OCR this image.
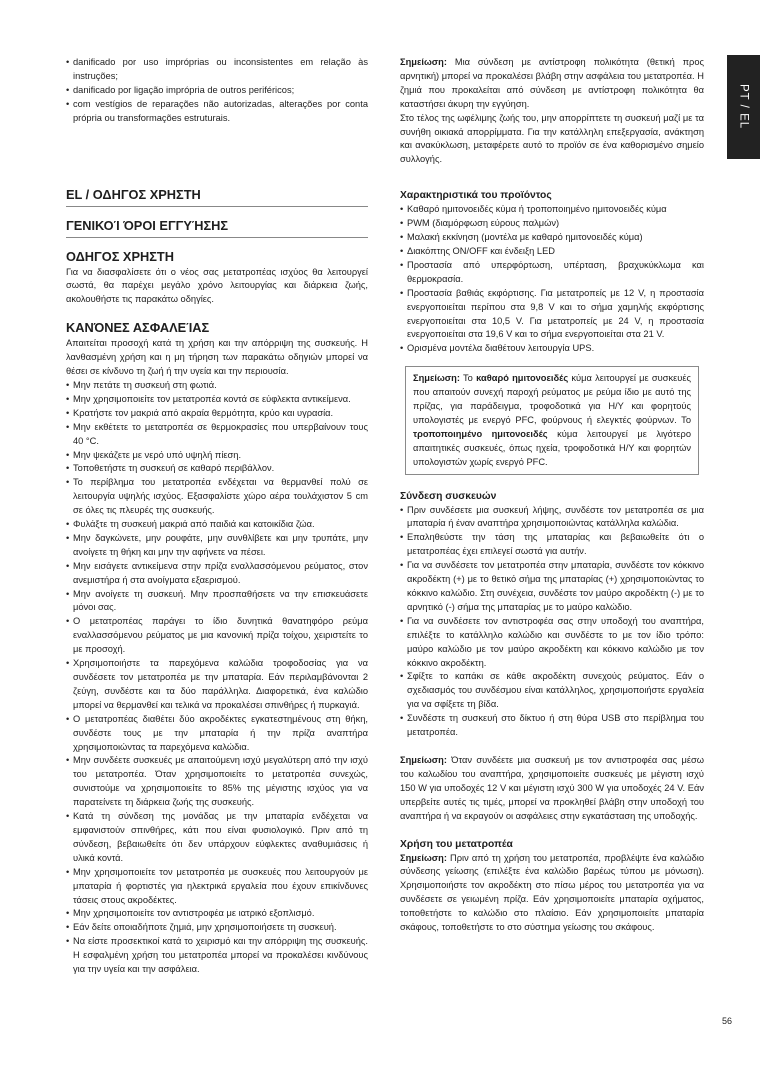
• danificado por uso impróprias ou inconsistentes em relação às instruções;
• danificado por ligação imprópria de outros periféricos;
• com vestígios de reparações não autorizadas, alterações por conta própria ou transformações estruturais.
EL / ΟΔΗΓΟΣ ΧΡΗΣΤΗ
ΓΕΝΙΚΟΊ ΌΡΟΙ ΕΓΓΥΉΣΗΣ
ΟΔΗΓΟΣ ΧΡΗΣΤΗ

Για να διασφαλίσετε ότι ο νέος σας μετατροπέας ισχύος θα λειτουργεί σωστά, θα παρέχει μεγάλο χρόνο λειτουργίας και διάρκεια ζωής, ακολουθήστε τις παρακάτω οδηγίες.

ΚΑΝΌΝΕΣ ΑΣΦΑΛΕΊΑΣ

Απαιτείται προσοχή κατά τη χρήση και την απόρριψη της συσκευής. Η λανθασμένη χρήση και η μη τήρηση των παρακάτω οδηγιών μπορεί να θέσει σε κίνδυνο τη ζωή ή την υγεία και την περιουσία.

• Μην πετάτε τη συσκευή στη φωτιά.
• Μην χρησιμοποιείτε τον μετατροπέα κοντά σε εύφλεκτα αντικείμενα.
• Κρατήστε τον μακριά από ακραία θερμότητα, κρύο και υγρασία.
• Μην εκθέτετε το μετατροπέα σε θερμοκρασίες που υπερβαίνουν τους 40 °C.
• Μην ψεκάζετε με νερό υπό υψηλή πίεση.
• Τοποθετήστε τη συσκευή σε καθαρό περιβάλλον.
• Το περίβλημα του μετατροπέα ενδέχεται να θερμανθεί πολύ σε λειτουργία υψηλής ισχύος. Εξασφαλίστε χώρο αέρα τουλάχιστον 5 cm σε όλες τις πλευρές της συσκευής.
• Φυλάξτε τη συσκευή μακριά από παιδιά και κατοικίδια ζώα.
• Μην δαγκώνετε, μην ρουφάτε, μην συνθλίβετε και μην τρυπάτε, μην ανοίγετε τη θήκη και μην την αφήνετε να πέσει.
• Μην εισάγετε αντικείμενα στην πρίζα εναλλασσόμενου ρεύματος, στον ανεμιστήρα ή στα ανοίγματα εξαερισμού.
• Μην ανοίγετε τη συσκευή. Μην προσπαθήσετε να την επισκευάσετε μόνοι σας.
• Ο μετατροπέας παράγει το ίδιο δυνητικά θανατηφόρο ρεύμα εναλλασσόμενου ρεύματος με μια κανονική πρίζα τοίχου, χειριστείτε το με προσοχή.
• Χρησιμοποιήστε τα παρεχόμενα καλώδια τροφοδοσίας για να συνδέσετε τον μετατροπέα με την μπαταρία. Εάν περιλαμβάνονται 2 ζεύγη, συνδέστε και τα δύο παράλληλα. Διαφορετικά, ένα καλώδιο μπορεί να θερμανθεί και τελικά να προκαλέσει σπινθήρες ή πυρκαγιά.
• Ο μετατροπέας διαθέτει δύο ακροδέκτες εγκατεστημένους στη θήκη, συνδέστε τους με την μπαταρία ή την πρίζα αναπτήρα χρησιμοποιώντας τα παρεχόμενα καλώδια.
• Μην συνδέετε συσκευές με απαιτούμενη ισχύ μεγαλύτερη από την ισχύ του μετατροπέα. Όταν χρησιμοποιείτε το μετατροπέα συνεχώς, συνιστούμε να χρησιμοποιείτε το 85% της μέγιστης ισχύος για να παρατείνετε τη διάρκεια ζωής της συσκευής.
• Κατά τη σύνδεση της μονάδας με την μπαταρία ενδέχεται να εμφανιστούν σπινθήρες, κάτι που είναι φυσιολογικό. Πριν από τη σύνδεση, βεβαιωθείτε ότι δεν υπάρχουν εύφλεκτες αναθυμιάσεις ή υλικά κοντά.
• Μην χρησιμοποιείτε τον μετατροπέα με συσκευές που λειτουργούν με μπαταρία ή φορτιστές για ηλεκτρικά εργαλεία που έχουν επικίνδυνες τάσεις στους ακροδέκτες.
• Μην χρησιμοποιείτε τον αντιστροφέα με ιατρικό εξοπλισμό.
• Εάν δείτε οποιαδήποτε ζημιά, μην χρησιμοποιήσετε τη συσκευή.
• Να είστε προσεκτικοί κατά το χειρισμό και την απόρριψη της συσκευής. Η εσφαλμένη χρήση του μετατροπέα μπορεί να προκαλέσει κινδύνους για την υγεία και την ασφάλεια.

Σημείωση: Μια σύνδεση με αντίστροφη πολικότητα (θετική προς αρνητική) μπορεί να προκαλέσει βλάβη στην ασφάλεια του μετατροπέα. Η ζημιά που προκαλείται από σύνδεση με αντίστροφη πολικότητα θα καταστήσει άκυρη την εγγύηση.

Στο τέλος της ωφέλιμης ζωής του, μην απορρίπτετε τη συσκευή μαζί με τα συνήθη οικιακά απορρίμματα. Για την κατάλληλη επεξεργασία, ανάκτηση και ανακύκλωση, μεταφέρετε αυτό το προϊόν σε ένα καθορισμένο σημείο συλλογής.

Χαρακτηριστικά του προϊόντος
• Καθαρό ημιτονοειδές κύμα ή τροποποιημένο ημιτονοειδές κύμα
• PWM (διαμόρφωση εύρους παλμών)
• Μαλακή εκκίνηση (μοντέλα με καθαρό ημιτονοειδές κύμα)
• Διακόπτης ON/OFF και ένδειξη LED
• Προστασία από υπερφόρτωση, υπέρταση, βραχυκύκλωμα και θερμοκρασία.
• Προστασία βαθιάς εκφόρτισης. Για μετατροπείς με 12 V, η προστασία ενεργοποιείται περίπου στα 9,8 V και το σήμα χαμηλής εκφόρτισης ενεργοποιείται στα 10,5 V. Για μετατροπείς με 24 V, η προστασία ενεργοποιείται στα 19,6 V και το σήμα ενεργοποιείται στα 21 V.
• Ορισμένα μοντέλα διαθέτουν λειτουργία UPS.

Σημείωση: Το καθαρό ημιτονοειδές κύμα λειτουργεί με συσκευές που απαιτούν συνεχή παροχή ρεύματος με ρεύμα ίδιο με αυτό της πρίζας, για παράδειγμα, τροφοδοτικά για Η/Υ και φορητούς υπολογιστές με ενεργό PFC, φούρνους ή ελεγκτές φούρνων. Το τροποποιημένο ημιτονοειδές κύμα λειτουργεί με λιγότερο απαιτητικές συσκευές, όπως ηχεία, τροφοδοτικά Η/Υ και φορητών υπολογιστών χωρίς ενεργό PFC.

Σύνδεση συσκευών
• Πριν συνδέσετε μια συσκευή λήψης, συνδέστε τον μετατροπέα σε μια μπαταρία ή έναν αναπτήρα χρησιμοποιώντας κατάλληλα καλώδια.
• Επαληθεύστε την τάση της μπαταρίας και βεβαιωθείτε ότι ο μετατροπέας έχει επιλεγεί σωστά για αυτήν.
• Για να συνδέσετε τον μετατροπέα στην μπαταρία, συνδέστε τον κόκκινο ακροδέκτη (+) με το θετικό σήμα της μπαταρίας (+) χρησιμοποιώντας το κόκκινο καλώδιο. Στη συνέχεια, συνδέστε τον μαύρο ακροδέκτη (-) με το αρνητικό (-) σήμα της μπαταρίας με το μαύρο καλώδιο.
• Για να συνδέσετε τον αντιστροφέα σας στην υποδοχή του αναπτήρα, επιλέξτε το κατάλληλο καλώδιο και συνδέστε το με τον ίδιο τρόπο: μαύρο καλώδιο με τον μαύρο ακροδέκτη και κόκκινο καλώδιο με τον κόκκινο ακροδέκτη.
• Σφίξτε το καπάκι σε κάθε ακροδέκτη συνεχούς ρεύματος. Εάν ο σχεδιασμός του συνδέσμου είναι κατάλληλος, χρησιμοποιήστε εργαλεία για να σφίξετε τη βίδα.
• Συνδέστε τη συσκευή στο δίκτυο ή στη θύρα USB στο περίβλημα του μετατροπέα.

Σημείωση: Όταν συνδέετε μια συσκευή με τον αντιστροφέα σας μέσω του καλωδίου του αναπτήρα, χρησιμοποιείτε συσκευές με μέγιστη ισχύ 150 W για υποδοχές 12 V και μέγιστη ισχύ 300 W για υποδοχές 24 V. Εάν υπερβείτε αυτές τις τιμές, μπορεί να προκληθεί βλάβη στην υποδοχή του αναπτήρα ή να εκραγούν οι ασφάλειες στην εγκατάσταση της υποδοχής.

Χρήση του μετατροπέα

Σημείωση: Πριν από τη χρήση του μετατροπέα, προβλέψτε ένα καλώδιο σύνδεσης γείωσης (επιλέξτε ένα καλώδιο βαρέως τύπου με μόνωση). Χρησιμοποιήστε τον ακροδέκτη στο πίσω μέρος του μετατροπέα για να συνδέσετε σε γειωμένη πρίζα. Εάν χρησιμοποιείτε μπαταρία οχήματος, τοποθετήστε το καλώδιο στο πλαίσιο. Εάν χρησιμοποιείτε μπαταρία σκάφους, τοποθετήστε το στο σύστημα γείωσης του σκάφους.

PT / EL
56
